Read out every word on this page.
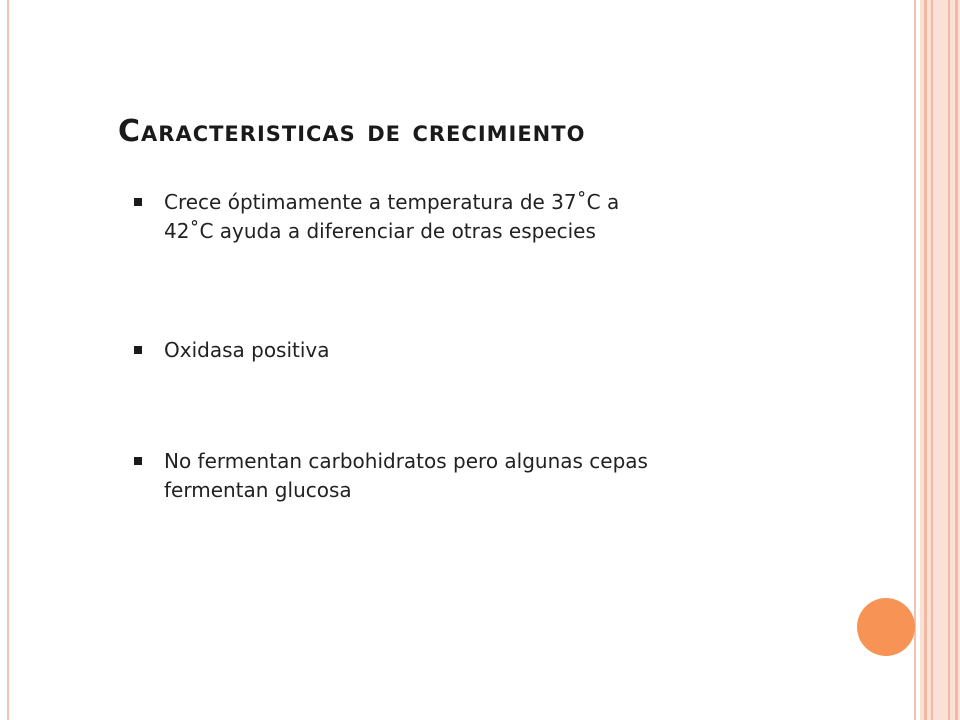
Caracteristicas de crecimiento
Crece óptimamente a temperatura de 37˚C a 42˚C ayuda a diferenciar de otras especies
Oxidasa positiva
No fermentan carbohidratos pero algunas cepas fermentan glucosa
